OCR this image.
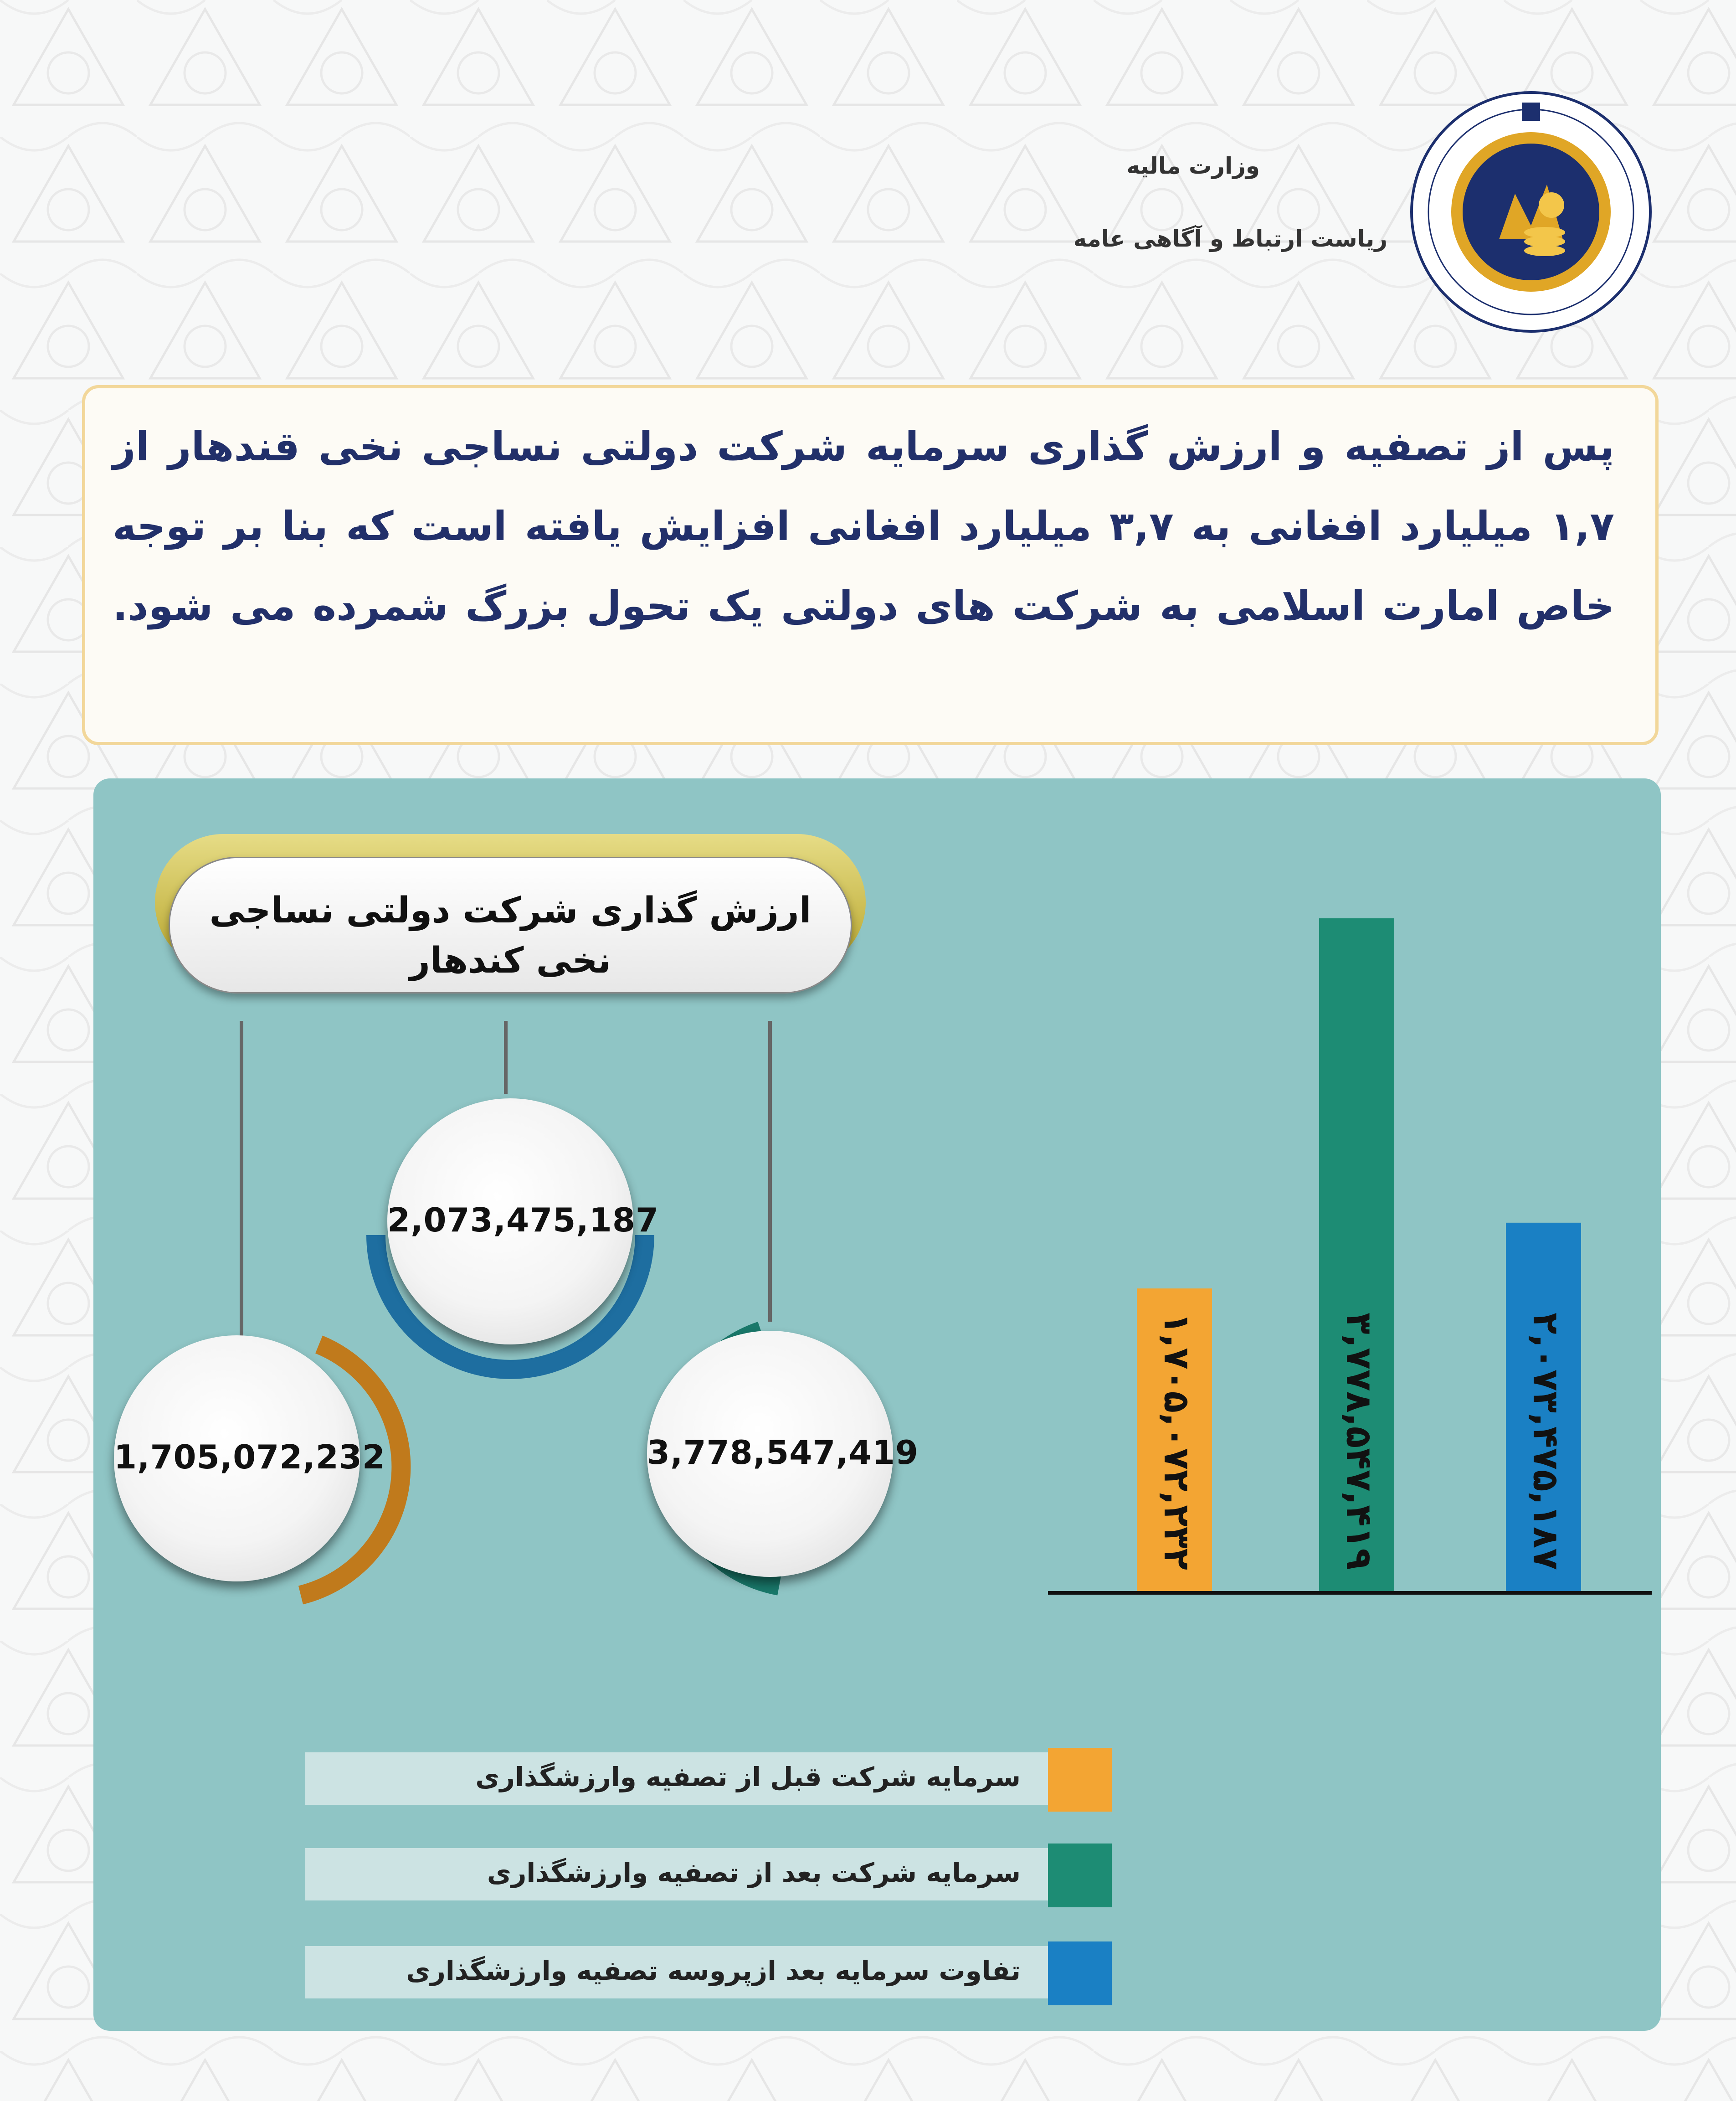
وزارت مالیه
ریاست ارتباط و آگاهی عامه
پس از تصفیه و ارزش گذاری سرمایه شرکت دولتی نساجی نخی قندهار از ۱,۷ میلیارد افغانی به ۳,۷ میلیارد افغانی افزایش یافته است که بنا بر توجه خاص امارت اسلامی به شرکت های دولتی یک تحول بزرگ شمرده می شود.
۱,۷۰۵,۰۷۲,۲۳۲	۳,۷۷۸,۵۴۷,۴۱۹	۲,۰۷۳,۴۷۵,۱۸۷
ارزش گذاری شرکت دولتی نساجی نخی کندهار
2,073,475,187
1,705,072,232	3,778,547,419
سرمایه شرکت قبل از تصفیه وارزشگذاری
سرمایه شرکت بعد از تصفیه وارزشگذاری
تفاوت سرمایه بعد ازپروسه تصفیه وارزشگذاری
